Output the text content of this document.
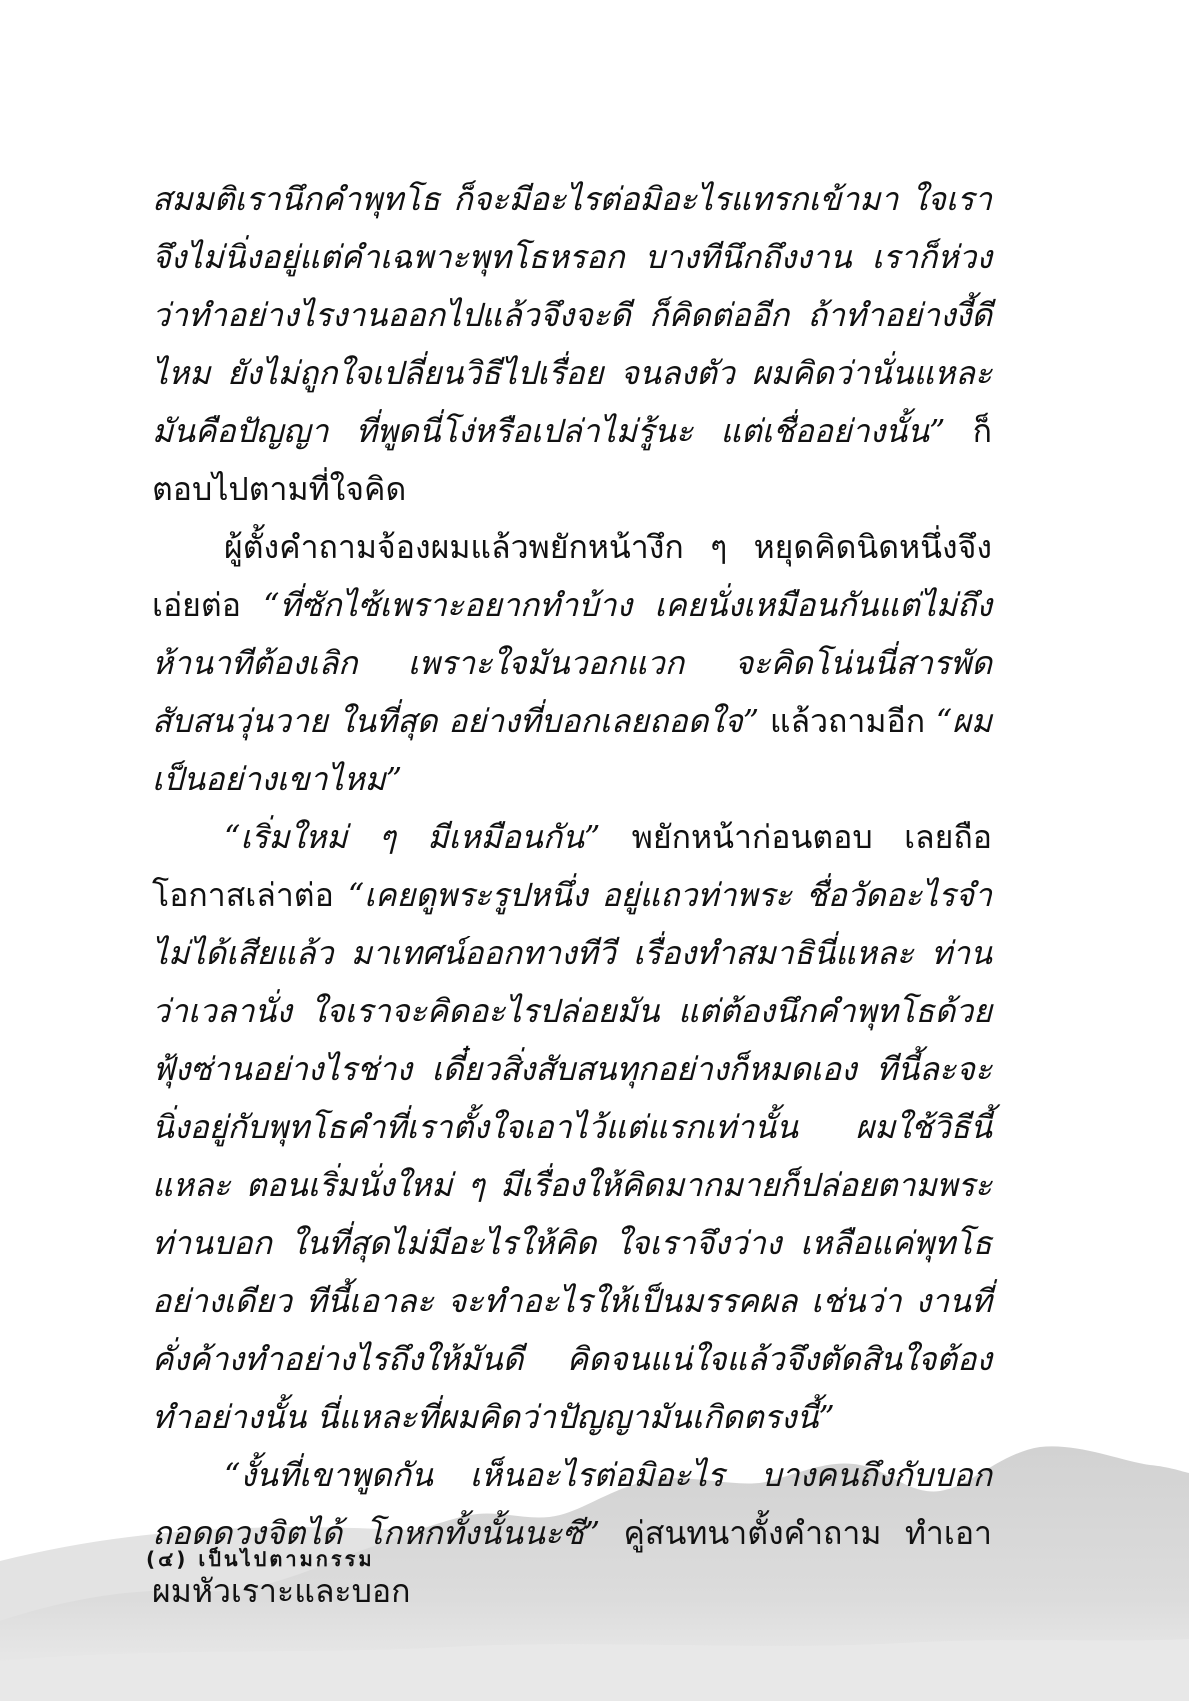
สมมติเรานึกคำพุทโธ ก็จะมีอะไรต่อมิอะไรแทรกเข้ามา ใจเราจึงไม่นิ่งอยู่แต่คำเฉพาะพุทโธหรอก บางทีนึกถึงงาน เราก็ห่วงว่าทำอย่างไรงานออกไปแล้วจึงจะดี ก็คิดต่ออีก ถ้าทำอย่างงี้ดีไหม ยังไม่ถูกใจเปลี่ยนวิธีไปเรื่อย จนลงตัว ผมคิดว่านั่นแหละมันคือปัญญา ที่พูดนี่โง่หรือเปล่าไม่รู้นะ แต่เชื่ออย่างนั้น” ก็ตอบไปตามที่ใจคิด

ผู้ตั้งคำถามจ้องผมแล้วพยักหน้างึก ๆ หยุดคิดนิดหนึ่งจึงเอ่ยต่อ “ที่ซักไซ้เพราะอยากทำบ้าง เคยนั่งเหมือนกันแต่ไม่ถึงห้านาทีต้องเลิก เพราะใจมันวอกแวก จะคิดโน่นนี่สารพัดสับสนวุ่นวาย ในที่สุด อย่างที่บอกเลยถอดใจ” แล้วถามอีก “ผมเป็นอย่างเขาไหม”

“เริ่มใหม่ ๆ มีเหมือนกัน” พยักหน้าก่อนตอบ เลยถือโอกาสเล่าต่อ “เคยดูพระรูปหนึ่ง อยู่แถวท่าพระ ชื่อวัดอะไรจำไม่ได้เสียแล้ว มาเทศน์ออกทางทีวี เรื่องทำสมาธินี่แหละ ท่านว่าเวลานั่ง ใจเราจะคิดอะไรปล่อยมัน แต่ต้องนึกคำพุทโธด้วย ฟุ้งซ่านอย่างไรช่าง เดี๋ยวสิ่งสับสนทุกอย่างก็หมดเอง ทีนี้ละจะนิ่งอยู่กับพุทโธคำที่เราตั้งใจเอาไว้แต่แรกเท่านั้น ผมใช้วิธีนี้แหละ ตอนเริ่มนั่งใหม่ ๆ มีเรื่องให้คิดมากมายก็ปล่อยตามพระท่านบอก ในที่สุดไม่มีอะไรให้คิด ใจเราจึงว่าง เหลือแค่พุทโธอย่างเดียว ทีนี้เอาละ จะทำอะไรให้เป็นมรรคผล เช่นว่า งานที่คั่งค้างทำอย่างไรถึงให้มันดี คิดจนแน่ใจแล้วจึงตัดสินใจต้องทำอย่างนั้น นี่แหละที่ผมคิดว่าปัญญามันเกิดตรงนี้”

“งั้นที่เขาพูดกัน เห็นอะไรต่อมิอะไร บางคนถึงกับบอก ถอดดวงจิตได้ โกหกทั้งนั้นนะซี” คู่สนทนาตั้งคำถาม ทำเอาผมหัวเราะและบอก

(๔) เป็นไปตามกรรม
